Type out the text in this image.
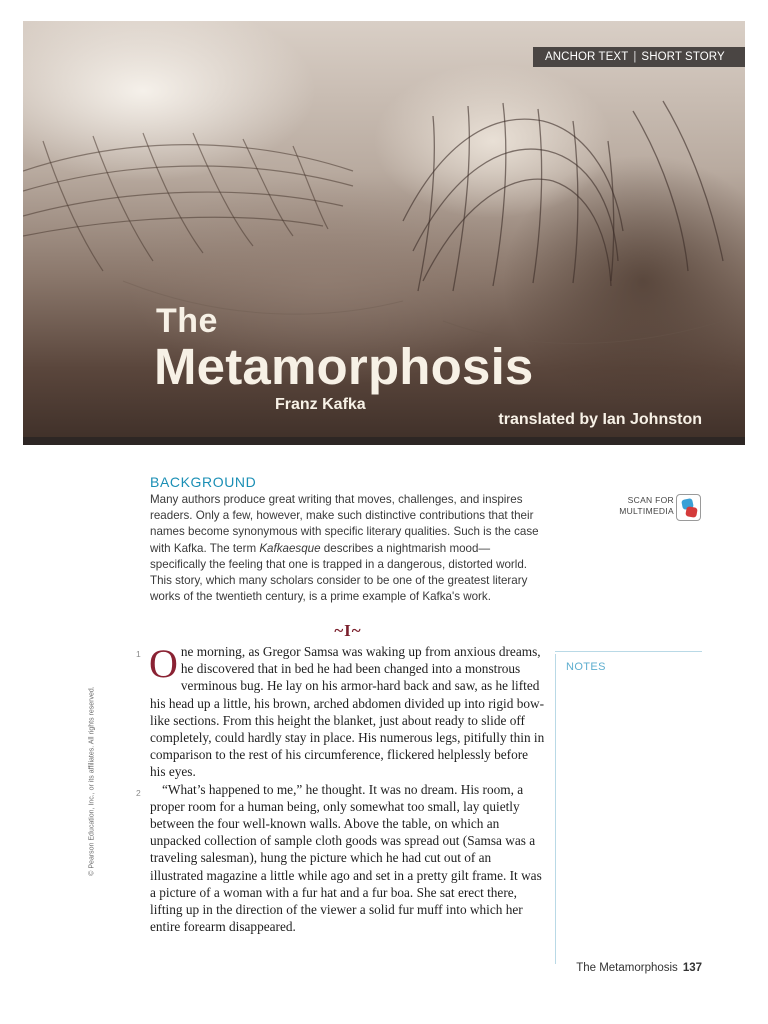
ANCHOR TEXT | SHORT STORY
The
Metamorphosis
Franz Kafka
translated by Ian Johnston
BACKGROUND
Many authors produce great writing that moves, challenges, and inspires readers. Only a few, however, make such distinctive contributions that their names become synonymous with specific literary qualities. Such is the case with Kafka. The term Kafkaesque describes a nightmarish mood—specifically the feeling that one is trapped in a dangerous, distorted world. This story, which many scholars consider to be one of the greatest literary works of the twentieth century, is a prime example of Kafka's work.
SCAN FOR
MULTIMEDIA
~I~
1
2

One morning, as Gregor Samsa was waking up from anxious dreams, he discovered that in bed he had been changed into a monstrous verminous bug. He lay on his armor-hard back and saw, as he lifted his head up a little, his brown, arched abdomen divided up into rigid bow-like sections. From this height the blanket, just about ready to slide off completely, could hardly stay in place. His numerous legs, pitifully thin in comparison to the rest of his circumference, flickered helplessly before his eyes.

“What’s happened to me,” he thought. It was no dream. His room, a proper room for a human being, only somewhat too small, lay quietly between the four well-known walls. Above the table, on which an unpacked collection of sample cloth goods was spread out (Samsa was a traveling salesman), hung the picture which he had cut out of an illustrated magazine a little while ago and set in a pretty gilt frame. It was a picture of a woman with a fur hat and a fur boa. She sat erect there, lifting up in the direction of the viewer a solid fur muff into which her entire forearm disappeared.

NOTES
© Pearson Education, Inc., or its affiliates. All rights reserved.
The Metamorphosis 137
